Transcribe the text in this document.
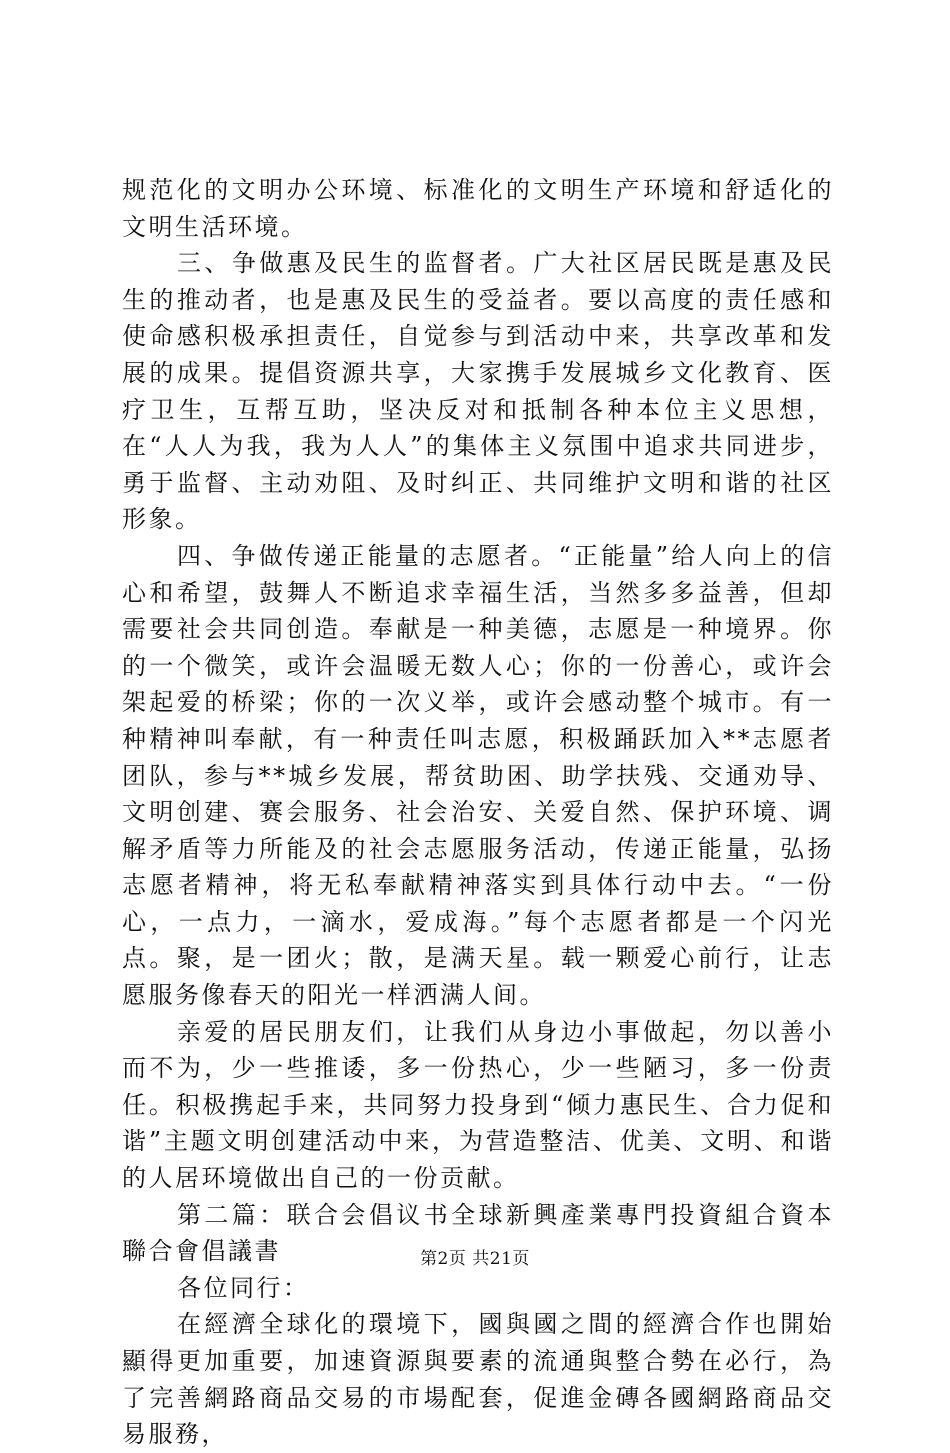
规范化的文明办公环境、标准化的文明生产环境和舒适化的文明生活环境。

三、争做惠及民生的监督者。广大社区居民既是惠及民生的推动者，也是惠及民生的受益者。要以高度的责任感和使命感积极承担责任，自觉参与到活动中来，共享改革和发展的成果。提倡资源共享，大家携手发展城乡文化教育、医疗卫生，互帮互助，坚决反对和抵制各种本位主义思想，在“人人为我，我为人人”的集体主义氛围中追求共同进步，勇于监督、主动劝阻、及时纠正、共同维护文明和谐的社区形象。

四、争做传递正能量的志愿者。“正能量”给人向上的信心和希望，鼓舞人不断追求幸福生活，当然多多益善，但却需要社会共同创造。奉献是一种美德，志愿是一种境界。你的一个微笑，或许会温暖无数人心；你的一份善心，或许会架起爱的桥梁；你的一次义举，或许会感动整个城市。有一种精神叫奉献，有一种责任叫志愿，积极踊跃加入**志愿者团队，参与**城乡发展，帮贫助困、助学扶残、交通劝导、文明创建、赛会服务、社会治安、关爱自然、保护环境、调解矛盾等力所能及的社会志愿服务活动，传递正能量，弘扬志愿者精神，将无私奉献精神落实到具体行动中去。“一份心，一点力，一滴水，爱成海。”每个志愿者都是一个闪光点。聚，是一团火；散，是满天星。载一颗爱心前行，让志愿服务像春天的阳光一样洒满人间。

亲爱的居民朋友们，让我们从身边小事做起，勿以善小而不为，少一些推诿，多一份热心，少一些陋习，多一份责任。积极携起手来，共同努力投身到“倾力惠民生、合力促和谐”主题文明创建活动中来，为营造整洁、优美、文明、和谐的人居环境做出自己的一份贡献。

第二篇：联合会倡议书全球新興產業專門投資組合資本聯合會倡議書

各位同行：

在經濟全球化的環境下，國與國之間的經濟合作也開始顯得更加重要，加速資源與要素的流通與整合勢在必行，為了完善網路商品交易的市場配套，促進金磚各國網路商品交易服務，

第2页 共21页
